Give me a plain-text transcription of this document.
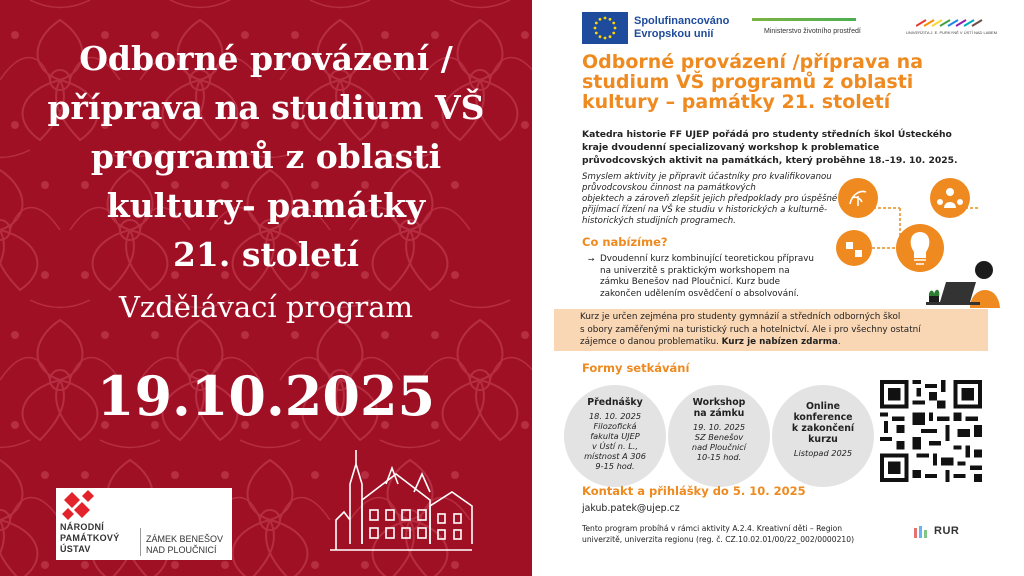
Odborné provázení /
příprava na studium VŠ
programů z oblasti
kultury- památky
21. století
Vzdělávací program
19.10.2025
NÁRODNÍ
PAMÁTKOVÝ
ÚSTAV
ZÁMEK BENEŠOV
NAD PLOUČNICÍ
Spolufinancováno
Evropskou unií	Ministerstvo životního prostředí	UNIVERZITA J. E. PURKYNĚ V ÚSTÍ NAD LABEM
Odborné provázení /příprava na
studium VŠ programů z oblasti
kultury – památky 21. století
Katedra historie FF UJEP pořádá pro studenty středních škol Ústeckého
kraje dvoudenní specializovaný workshop k problematice
průvodcovských aktivit na památkách, který proběhne 18.–19. 10. 2025.
Smyslem aktivity je připravit účastníky pro kvalifikovanou
průvodcovskou činnost na památkových
objektech a zároveň zlepšit jejich předpoklady pro úspěšné
přijímací řízení na VŠ ke studiu v historických a kulturně-
historických studijních programech.
Co nabízíme?
➙ Dvoudenní kurz kombinující teoretickou přípravu
na univerzitě s praktickým workshopem na
zámku Benešov nad Ploučnicí. Kurz bude
zakončen udělením osvědčení o absolvování.
Kurz je určen zejména pro studenty gymnázií a středních odborných škol
s obory zaměřenými na turistický ruch a hotelnictví. Ale i pro všechny ostatní
zájemce o danou problematiku. Kurz je nabízen zdarma.
Formy setkávání
Přednášky
18. 10. 2025
Filozofická
fakulta UJEP
v Ústí n. L.,
místnost A 306
9-15 hod.
Workshop
na zámku
19. 10. 2025
SZ Benešov
nad Ploučnicí
10-15 hod.
Online
konference
k zakončení
kurzu
Listopad 2025
Kontakt a přihlášky do 5. 10. 2025
jakub.patek@ujep.cz
Tento program probíhá v rámci aktivity A.2.4. Kreativní děti – Region
univerzitě, univerzita regionu (reg. č. CZ.10.02.01/00/22_002/0000210)
RUR
